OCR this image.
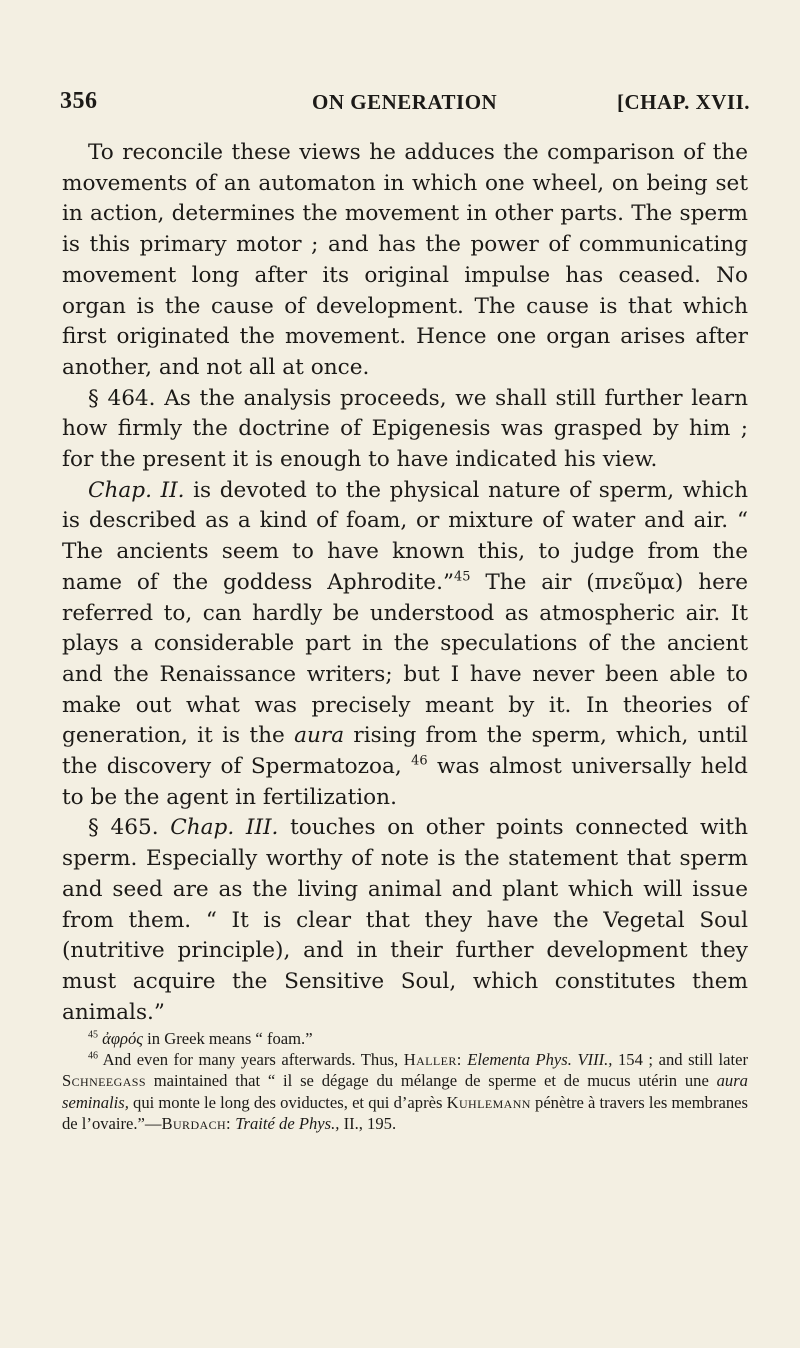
356	ON GENERATION	[CHAP. XVII.

To reconcile these views he adduces the comparison of the movements of an automaton in which one wheel, on being set in action, determines the movement in other parts. The sperm is this primary motor ; and has the power of communicating movement long after its original impulse has ceased. No organ is the cause of development. The cause is that which first originated the movement. Hence one organ arises after another, and not all at once.

§ 464. As the analysis proceeds, we shall still further learn how firmly the doctrine of Epigenesis was grasped by him ; for the present it is enough to have indicated his view.

Chap. II. is devoted to the physical nature of sperm, which is described as a kind of foam, or mixture of water and air. “ The ancients seem to have known this, to judge from the name of the goddess Aphrodite.”$^{45}$ The air (πνεῦμα) here referred to, can hardly be understood as atmospheric air. It plays a considerable part in the speculations of the ancient and the Renaissance writers; but I have never been able to make out what was precisely meant by it. In theories of generation, it is the aura rising from the sperm, which, until the discovery of Spermatozoa, $^{46}$ was almost universally held to be the agent in fertilization.

§ 465. Chap. III. touches on other points connected with sperm. Especially worthy of note is the statement that sperm and seed are as the living animal and plant which will issue from them. “ It is clear that they have the Vegetal Soul (nutritive principle), and in their further development they must acquire the Sensitive Soul, which constitutes them animals.”

$^{45}$ ἀφρός in Greek means “ foam.”

$^{46}$ And even for many years afterwards. Thus, Haller: Elementa Phys. VIII., 154 ; and still later Schneegass maintained that “ il se dégage du mélange de sperme et de mucus utérin une aura seminalis, qui monte le long des oviductes, et qui d’après Kuhlemann pénètre à travers les membranes de l’ovaire.”—Burdach: Traité de Phys., II., 195.
